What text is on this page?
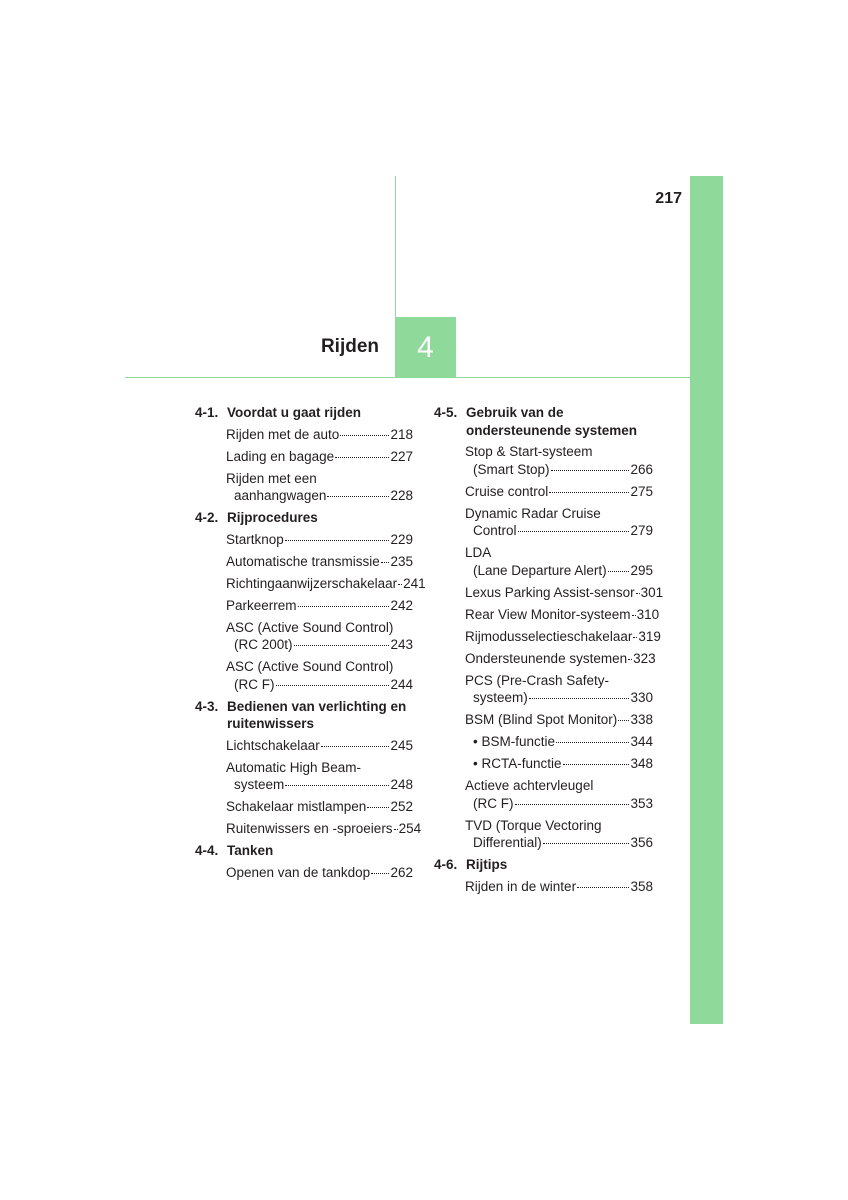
217
Rijden	4
4-1. Voordat u gaat rijden
Rijden met de auto	218
Lading en bagage	227
Rijden met een
aanhangwagen	228
4-2. Rijprocedures
Startknop	229
Automatische transmissie 235
Richtingaanwijzerschakelaar 241
Parkeerrem	242
ASC (Active Sound Control)
(RC 200t)	243
ASC (Active Sound Control)
(RC F)	244
4-3. Bedienen van verlichting en ruitenwissers
Lichtschakelaar	245
Automatic High Beam-
systeem	248
Schakelaar mistlampen 252
Ruitenwissers en -sproeiers 254
4-4. Tanken
Openen van de tankdop 262
4-5. Gebruik van de ondersteunende systemen
Stop & Start-systeem
(Smart Stop)	266
Cruise control	275
Dynamic Radar Cruise
Control	279
LDA
(Lane Departure Alert) 295
Lexus Parking Assist-sensor 301
Rear View Monitor-systeem 310
Rijmodusselectieschakelaar 319
Ondersteunende systemen 323
PCS (Pre-Crash Safety-
systeem)	330
BSM (Blind Spot Monitor) 338
• BSM-functie	344
• RCTA-functie	348
Actieve achtervleugel
(RC F)	353
TVD (Torque Vectoring
Differential)	356
4-6. Rijtips
Rijden in de winter	358
